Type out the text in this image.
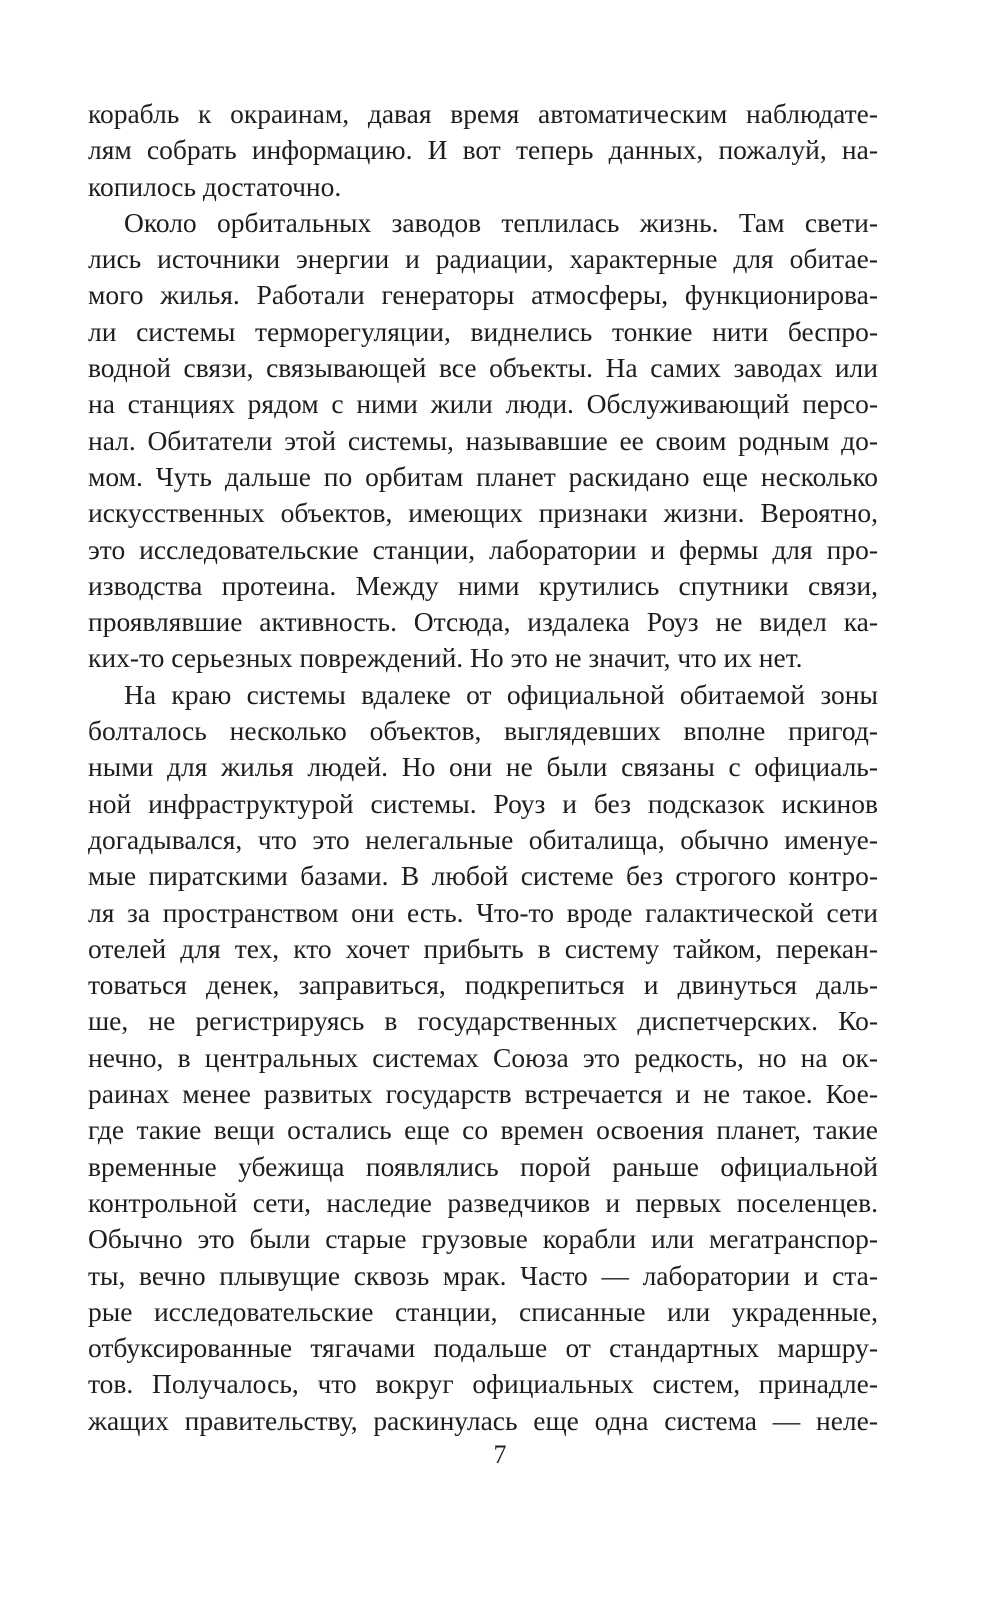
корабль к окраинам, давая время автоматическим наблюдате-
лям собрать информацию. И вот теперь данных, пожалуй, на-
копилось достаточно.
Около орбитальных заводов теплилась жизнь. Там свети-
лись источники энергии и радиации, характерные для обитае-
мого жилья. Работали генераторы атмосферы, функционирова-
ли системы терморегуляции, виднелись тонкие нити беспро-
водной связи, связывающей все объекты. На самих заводах или
на станциях рядом с ними жили люди. Обслуживающий персо-
нал. Обитатели этой системы, называвшие ее своим родным до-
мом. Чуть дальше по орбитам планет раскидано еще несколько
искусственных объектов, имеющих признаки жизни. Вероятно,
это исследовательские станции, лаборатории и фермы для про-
изводства протеина. Между ними крутились спутники связи,
проявлявшие активность. Отсюда, издалека Роуз не видел ка-
ких-то серьезных повреждений. Но это не значит, что их нет.
На краю системы вдалеке от официальной обитаемой зоны
болталось несколько объектов, выглядевших вполне пригод-
ными для жилья людей. Но они не были связаны с официаль-
ной инфраструктурой системы. Роуз и без подсказок искинов
догадывался, что это нелегальные обиталища, обычно именуе-
мые пиратскими базами. В любой системе без строгого контро-
ля за пространством они есть. Что-то вроде галактической сети
отелей для тех, кто хочет прибыть в систему тайком, перекан-
товаться денек, заправиться, подкрепиться и двинуться даль-
ше, не регистрируясь в государственных диспетчерских. Ко-
нечно, в центральных системах Союза это редкость, но на ок-
раинах менее развитых государств встречается и не такое. Кое-
где такие вещи остались еще со времен освоения планет, такие
временные убежища появлялись порой раньше официальной
контрольной сети, наследие разведчиков и первых поселенцев.
Обычно это были старые грузовые корабли или мегатранспор-
ты, вечно плывущие сквозь мрак. Часто — лаборатории и ста-
рые исследовательские станции, списанные или украденные,
отбуксированные тягачами подальше от стандартных маршру-
тов. Получалось, что вокруг официальных систем, принадле-
жащих правительству, раскинулась еще одна система — неле-
7
